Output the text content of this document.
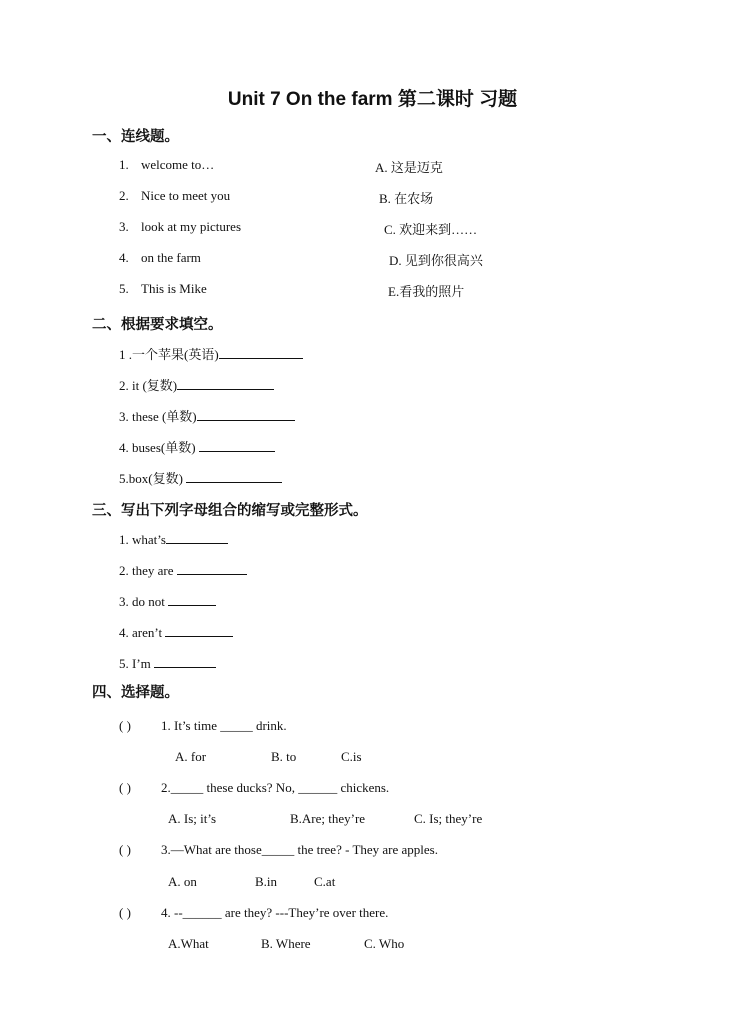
Unit 7 On the farm 第二课时 习题
一、连线题。
1. welcome to…
2. Nice to meet you
3. look at my pictures
4. on the farm
5. This is Mike
A. 这是迈克
B. 在农场
C. 欢迎来到……
D. 见到你很高兴
E.看我的照片
二、根据要求填空。
1 .一个苹果(英语)
2. it (复数)
3. these (单数)
4. buses(单数)
5.box(复数)
三、写出下列字母组合的缩写或完整形式。
1. what’s
2. they are
3. do not
4. aren’t
5. I’m
四、选择题。
( ) 1. It’s time _____ drink.
A. for	B. to	C.is
( ) 2._____ these ducks? No, ______ chickens.
A. Is; it’s	B.Are; they’re	C. Is; they’re
( ) 3.—What are those_____ the tree? - They are apples.
A. on	B.in	C.at
( ) 4. --______ are they? ---They’re over there.
A.What	B. Where	C. Who
